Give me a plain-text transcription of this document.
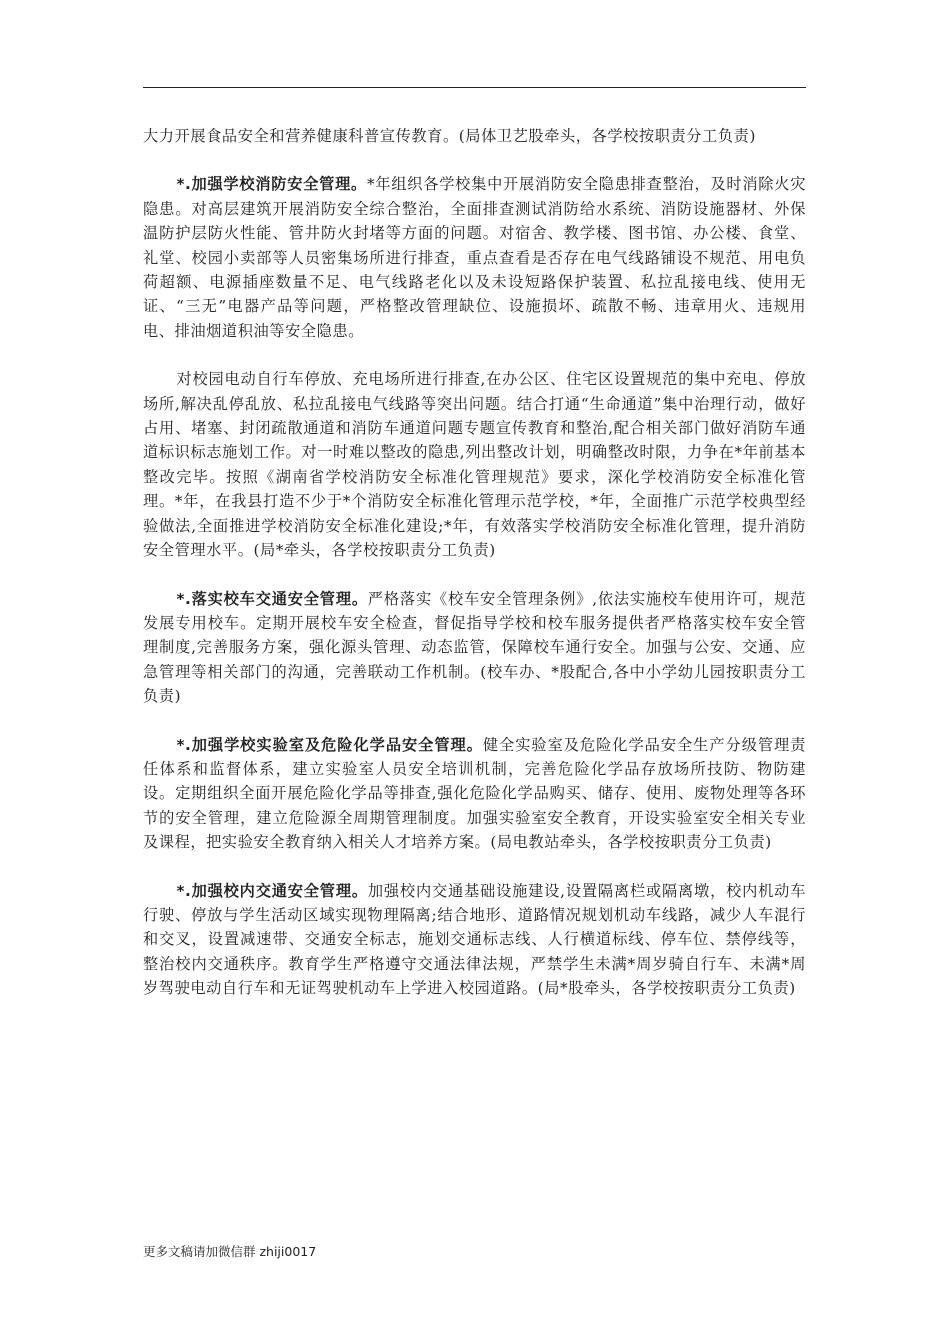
大力开展食品安全和营养健康科普宣传教育。(局体卫艺股牵头，各学校按职责分工负责)

*.加强学校消防安全管理。*年组织各学校集中开展消防安全隐患排查整治，及时消除火灾隐患。对高层建筑开展消防安全综合整治，全面排查测试消防给水系统、消防设施器材、外保温防护层防火性能、管井防火封堵等方面的问题。对宿舍、教学楼、图书馆、办公楼、食堂、礼堂、校园小卖部等人员密集场所进行排查，重点查看是否存在电气线路铺设不规范、用电负荷超额、电源插座数量不足、电气线路老化以及未设短路保护装置、私拉乱接电线、使用无证、“三无”电器产品等问题，严格整改管理缺位、设施损坏、疏散不畅、违章用火、违规用电、排油烟道积油等安全隐患。

对校园电动自行车停放、充电场所进行排查,在办公区、住宅区设置规范的集中充电、停放场所,解决乱停乱放、私拉乱接电气线路等突出问题。结合打通“生命通道”集中治理行动，做好占用、堵塞、封闭疏散通道和消防车通道问题专题宣传教育和整治,配合相关部门做好消防车通道标识标志施划工作。对一时难以整改的隐患,列出整改计划，明确整改时限，力争在*年前基本整改完毕。按照《湖南省学校消防安全标准化管理规范》要求，深化学校消防安全标准化管理。*年，在我县打造不少于*个消防安全标准化管理示范学校，*年，全面推广示范学校典型经验做法,全面推进学校消防安全标准化建设;*年，有效落实学校消防安全标准化管理，提升消防安全管理水平。(局*牵头，各学校按职责分工负责)

*.落实校车交通安全管理。严格落实《校车安全管理条例》,依法实施校车使用许可，规范发展专用校车。定期开展校车安全检查，督促指导学校和校车服务提供者严格落实校车安全管理制度,完善服务方案，强化源头管理、动态监管，保障校车通行安全。加强与公安、交通、应急管理等相关部门的沟通，完善联动工作机制。(校车办、*股配合,各中小学幼儿园按职责分工负责)

*.加强学校实验室及危险化学品安全管理。健全实验室及危险化学品安全生产分级管理责任体系和监督体系，建立实验室人员安全培训机制，完善危险化学品存放场所技防、物防建设。定期组织全面开展危险化学品等排查,强化危险化学品购买、储存、使用、废物处理等各环节的安全管理，建立危险源全周期管理制度。加强实验室安全教育，开设实验室安全相关专业及课程，把实验安全教育纳入相关人才培养方案。(局电教站牵头，各学校按职责分工负责)

*.加强校内交通安全管理。加强校内交通基础设施建设,设置隔离栏或隔离墩，校内机动车行驶、停放与学生活动区域实现物理隔离;结合地形、道路情况规划机动车线路，减少人车混行和交叉，设置减速带、交通安全标志，施划交通标志线、人行横道标线、停车位、禁停线等，整治校内交通秩序。教育学生严格遵守交通法律法规，严禁学生未满*周岁骑自行车、未满*周岁驾驶电动自行车和无证驾驶机动车上学进入校园道路。(局*股牵头，各学校按职责分工负责)

更多文稿请加微信群 zhiji0017
